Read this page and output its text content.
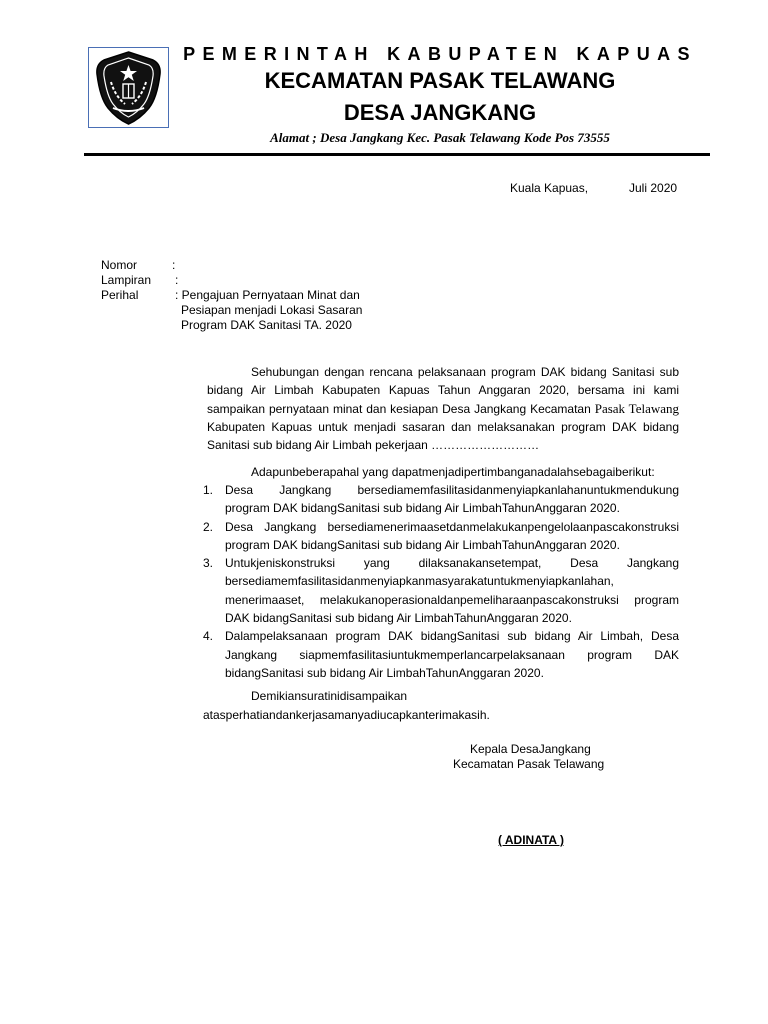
PEMERINTAH KABUPATEN KAPUAS
KECAMATAN PASAK TELAWANG
DESA JANGKANG
Alamat ; Desa Jangkang Kec. Pasak Telawang Kode Pos 73555
Kuala Kapuas,	Juli 2020
Nomor	:
Lampiran :
Perihal	: Pengajuan Pernyataan Minat dan
Pesiapan menjadi Lokasi Sasaran
Program DAK Sanitasi TA. 2020

Sehubungan dengan rencana pelaksanaan program DAK bidang Sanitasi sub bidang Air Limbah Kabupaten Kapuas Tahun Anggaran 2020, bersama ini kami sampaikan pernyataan minat dan kesiapan Desa Jangkang Kecamatan Pasak Telawang Kabupaten Kapuas untuk menjadi sasaran dan melaksanakan program DAK bidang Sanitasi sub bidang Air Limbah pekerjaan ………………………

Adapunbeberapahal yang dapatmenjadipertimbanganadalahsebagaiberikut:
1. Desa Jangkang bersediamemfasilitasidanmenyiapkanlahanuntukmendukung program DAK bidangSanitasi sub bidang Air LimbahTahunAnggaran 2020.
2. Desa Jangkang bersediamenerimaasetdanmelakukanpengelolaanpascakonstruksi program DAK bidangSanitasi sub bidang Air LimbahTahunAnggaran 2020.
3. Untukjeniskonstruksi yang dilaksanakansetempat, Desa Jangkang bersediamemfasilitasidanmenyiapkanmasyarakatuntukmenyiapkanlahan, menerimaaset, melakukanoperasionaldanpemeliharaanpascakonstruksi program DAK bidangSanitasi sub bidang Air LimbahTahunAnggaran 2020.
4. Dalampelaksanaan program DAK bidangSanitasi sub bidang Air Limbah, Desa Jangkang siapmemfasilitasiuntukmemperlancarpelaksanaan program DAK bidangSanitasi sub bidang Air LimbahTahunAnggaran 2020.
Demikiansuratinidisampaikan
atasperhatiandankerjasamanyadiucapkanterimakasih.
Kepala DesaJangkang
Kecamatan Pasak Telawang
( ADINATA )
